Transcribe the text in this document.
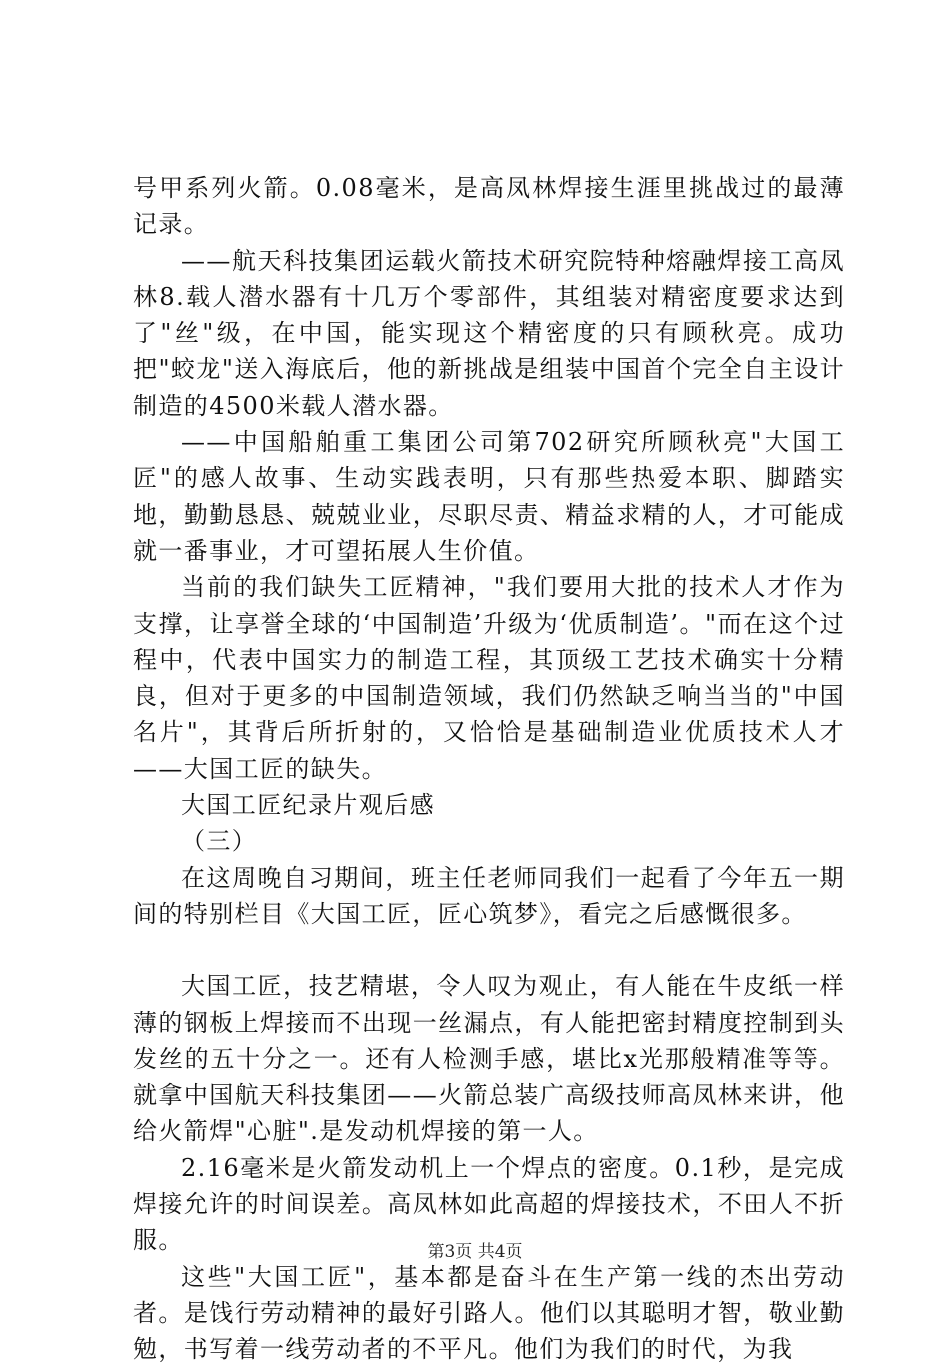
号甲系列火箭。0.08毫米，是高凤林焊接生涯里挑战过的最薄记录。

——航天科技集团运载火箭技术研究院特种熔融焊接工高凤林8.载人潜水器有十几万个零部件，其组装对精密度要求达到了"丝"级，在中国，能实现这个精密度的只有顾秋亮。成功把"蛟龙"送入海底后，他的新挑战是组装中国首个完全自主设计制造的4500米载人潜水器。

——中国船舶重工集团公司第702研究所顾秋亮"大国工匠"的感人故事、生动实践表明，只有那些热爱本职、脚踏实地，勤勤恳恳、兢兢业业，尽职尽责、精益求精的人，才可能成就一番事业，才可望拓展人生价值。

当前的我们缺失工匠精神，"我们要用大批的技术人才作为支撑，让享誉全球的‘中国制造’升级为‘优质制造’。"而在这个过程中，代表中国实力的制造工程，其顶级工艺技术确实十分精良，但对于更多的中国制造领域，我们仍然缺乏响当当的"中国名片"，其背后所折射的，又恰恰是基础制造业优质技术人才——大国工匠的缺失。

大国工匠纪录片观后感

（三）

在这周晚自习期间，班主任老师同我们一起看了今年五一期间的特别栏目《大国工匠，匠心筑梦》，看完之后感慨很多。

大国工匠，技艺精堪，令人叹为观止，有人能在牛皮纸一样薄的钢板上焊接而不出现一丝漏点，有人能把密封精度控制到头发丝的五十分之一。还有人检测手感，堪比x光那般精准等等。就拿中国航天科技集团——火箭总装广高级技师高凤林来讲，他给火箭焊"心脏".是发动机焊接的第一人。

2.16毫米是火箭发动机上一个焊点的密度。0.1秒，是完成焊接允许的时间误差。高凤林如此高超的焊接技术，不田人不折服。

这些"大国工匠"，基本都是奋斗在生产第一线的杰出劳动者。是饯行劳动精神的最好引路人。他们以其聪明才智，敬业勤勉，书写着一线劳动者的不平凡。他们为我们的时代，为我

第3页 共4页
